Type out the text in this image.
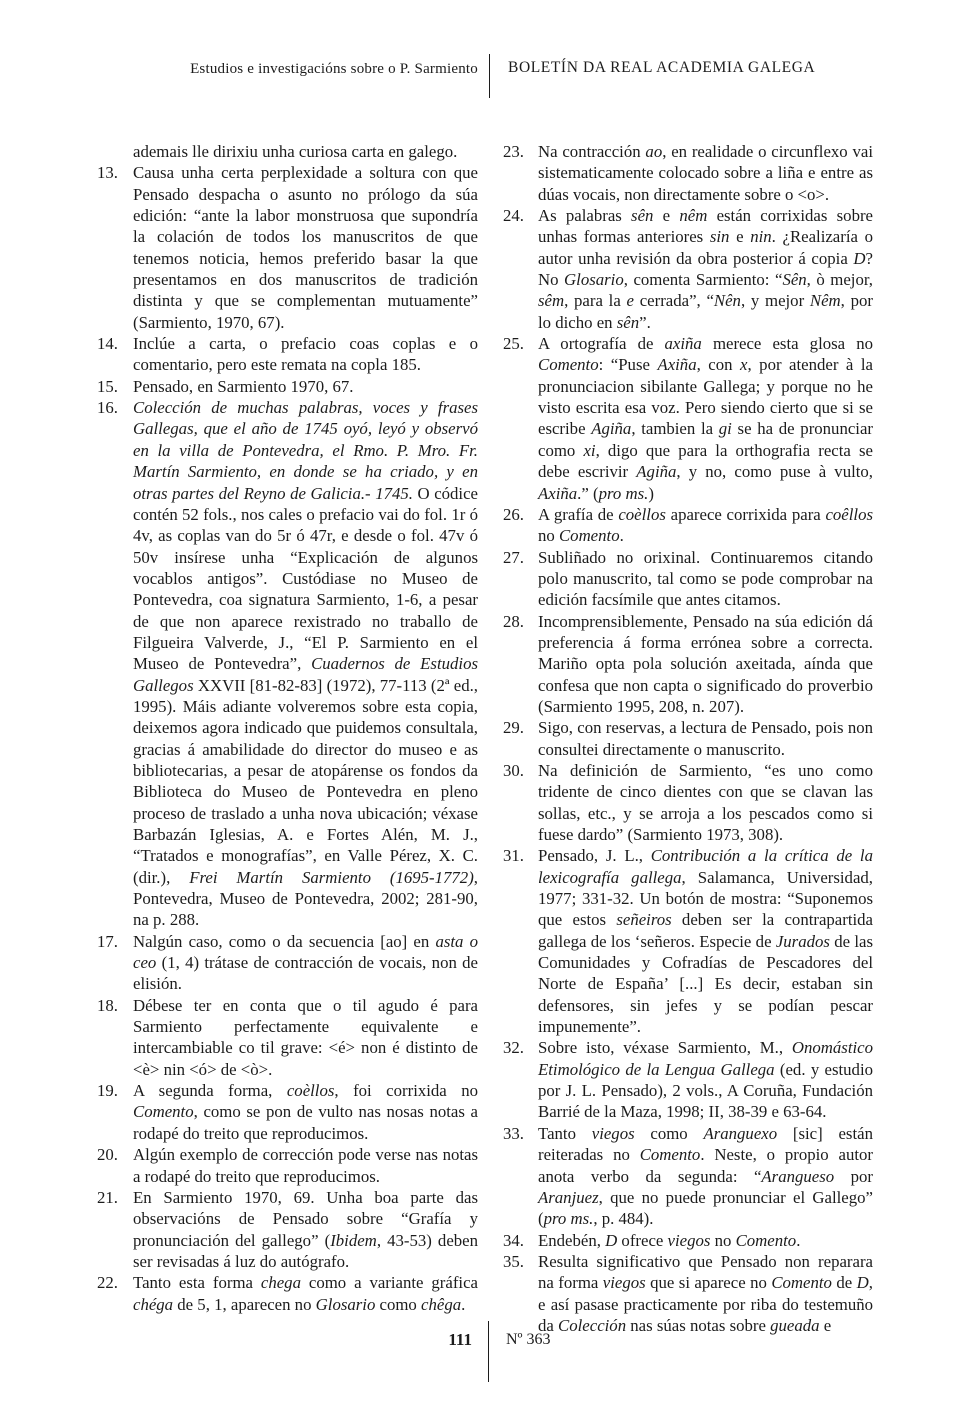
Estudios e investigacións sobre o P. Sarmiento BOLETÍN DA REAL ACADEMIA GALEGA
ademais lle dirixiu unha curiosa carta en galego.
13. Causa unha certa perplexidade a soltura con que Pensado despacha o asunto no prólogo da súa edición: “ante la labor monstruosa que supondría la colación de todos los manuscritos de que tenemos noticia, hemos preferido basar la que presentamos en dos manuscritos de tradición distinta y que se complementan mutuamente” (Sarmiento, 1970, 67).
14. Inclúe a carta, o prefacio coas coplas e o comentario, pero este remata na copla 185.
15. Pensado, en Sarmiento 1970, 67.
16. Colección de muchas palabras, voces y frases Gallegas, que el año de 1745 oyó, leyó y observó en la villa de Pontevedra, el Rmo. P. Mro. Fr. Martín Sarmiento, en donde se ha criado, y en otras partes del Reyno de Galicia.- 1745. O códice contén 52 fols., nos cales o prefacio vai do fol. 1r ó 4v, as coplas van do 5r ó 47r, e desde o fol. 47v ó 50v insírese unha “Explicación de algunos vocablos antigos”. Custódiase no Museo de Pontevedra, coa signatura Sarmiento, 1-6, a pesar de que non aparece rexistrado no traballo de Filgueira Valverde, J., “El P. Sarmiento en el Museo de Pontevedra”, Cuadernos de Estudios Gallegos XXVII [81-82-83] (1972), 77-113 (2ª ed., 1995). Máis adiante volveremos sobre esta copia, deixemos agora indicado que puidemos consultala, gracias á amabilidade do director do museo e as bibliotecarias, a pesar de atopárense os fondos da Biblioteca do Museo de Pontevedra en pleno proceso de traslado a unha nova ubicación; véxase Barbazán Iglesias, A. e Fortes Alén, M. J., “Tratados e monografías”, en Valle Pérez, X. C. (dir.), Frei Martín Sarmiento (1695-1772), Pontevedra, Museo de Pontevedra, 2002; 281-90, na p. 288.
17. Nalgún caso, como o da secuencia [ao] en asta o ceo (1, 4) trátase de contracción de vocais, non de elisión.
18. Débese ter en conta que o til agudo é para Sarmiento perfectamente equivalente e intercambiable co til grave: <é> non é distinto de <è> nin <ó> de <ò>.
19. A segunda forma, coèllos, foi corrixida no Comento, como se pon de vulto nas nosas notas a rodapé do treito que reproducimos.
20. Algún exemplo de corrección pode verse nas notas a rodapé do treito que reproducimos.
21. En Sarmiento 1970, 69. Unha boa parte das observacións de Pensado sobre “Grafía y pronunciación del gallego” (Ibidem, 43-53) deben ser revisadas á luz do autógrafo.
22. Tanto esta forma chega como a variante gráfica chéga de 5, 1, aparecen no Glosario como chêga.
23. Na contracción ao, en realidade o circunflexo vai sistematicamente colocado sobre a liña e entre as dúas vocais, non directamente sobre o <o>.
24. As palabras sên e nêm están corrixidas sobre unhas formas anteriores sin e nin. ¿Realizaría o autor unha revisión da obra posterior á copia D? No Glosario, comenta Sarmiento: “Sên, ò mejor, sêm, para la e cerrada”, “Nên, y mejor Nêm, por lo dicho en sên”.
25. A ortografía de axiña merece esta glosa no Comento: “Puse Axiña, con x, por atender à la pronunciacion sibilante Gallega; y porque no he visto escrita esa voz. Pero siendo cierto que si se escribe Agiña, tambien la gi se ha de pronunciar como xi, digo que para la orthografia recta se debe escrivir Agiña, y no, como puse à vulto, Axiña.” (pro ms.)
26. A grafía de coèllos aparece corrixida para coêllos no Comento.
27. Subliñado no orixinal. Continuaremos citando polo manuscrito, tal como se pode comprobar na edición facsímile que antes citamos.
28. Incomprensiblemente, Pensado na súa edición dá preferencia á forma errónea sobre a correcta. Mariño opta pola solución axeitada, aínda que confesa que non capta o significado do proverbio (Sarmiento 1995, 208, n. 207).
29. Sigo, con reservas, a lectura de Pensado, pois non consultei directamente o manuscrito.
30. Na definición de Sarmiento, “es uno como tridente de cinco dientes con que se clavan las sollas, etc., y se arroja a los pescados como si fuese dardo” (Sarmiento 1973, 308).
31. Pensado, J. L., Contribución a la crítica de la lexicografía gallega, Salamanca, Universidad, 1977; 331-32. Un botón de mostra: “Suponemos que estos señeiros deben ser la contrapartida gallega de los ‘señeros. Especie de Jurados de las Comunidades y Cofradías de Pescadores del Norte de España’ [...] Es decir, estaban sin defensores, sin jefes y se podían pescar impunemente”.
32. Sobre isto, véxase Sarmiento, M., Onomástico Etimológico de la Lengua Gallega (ed. y estudio por J. L. Pensado), 2 vols., A Coruña, Fundación Barrié de la Maza, 1998; II, 38-39 e 63-64.
33. Tanto viegos como Aranguexo [sic] están reiteradas no Comento. Neste, o propio autor anota verbo da segunda: “Arangueso por Aranjuez, que no puede pronunciar el Gallego” (pro ms., p. 484).
34. Endebén, D ofrece viegos no Comento.
35. Resulta significativo que Pensado non reparara na forma viegos que si aparece no Comento de D, e así pasase practicamente por riba do testemuño da Colección nas súas notas sobre gueada e
111 Nº 363
